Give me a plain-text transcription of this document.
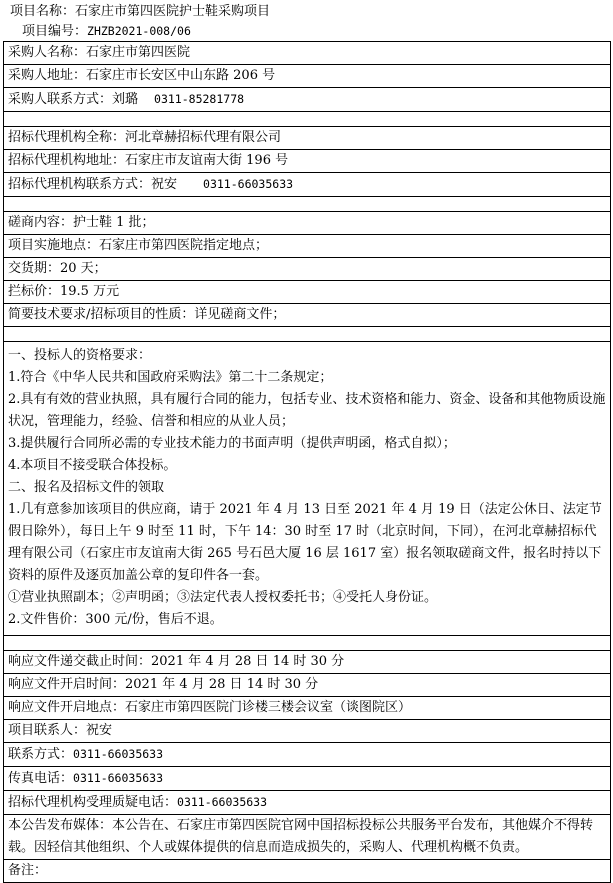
项目名称：石家庄市第四医院护士鞋采购项目
项目编号：ZHZB2021-008/06
采购人名称：石家庄市第四医院
采购人地址：石家庄市长安区中山东路 206 号
采购人联系方式：刘璐 0311-85281778

招标代理机构全称：河北章赫招标代理有限公司
招标代理机构地址：石家庄市友谊南大街 196 号
招标代理机构联系方式：祝安 0311-66035633

磋商内容：护士鞋 1 批；
项目实施地点：石家庄市第四医院指定地点；
交货期：20 天；
拦标价：19.5 万元
简要技术要求/招标项目的性质：详见磋商文件；

一、投标人的资格要求：
1.符合《中华人民共和国政府采购法》第二十二条规定；
2.具有有效的营业执照，具有履行合同的能力，包括专业、技术资格和能力、资金、设备和其他物质设施状况，管理能力，经验、信誉和相应的从业人员；
3.提供履行合同所必需的专业技术能力的书面声明（提供声明函，格式自拟）；
4.本项目不接受联合体投标。
二、报名及招标文件的领取
1.几有意参加该项目的供应商，请于 2021 年 4 月 13 日至 2021 年 4 月 19 日（法定公休日、法定节假日除外），每日上午 9 时至 11 时，下午 14：30 时至 17 时（北京时间，下同），在河北章赫招标代理有限公司（石家庄市友谊南大街 265 号石邑大厦 16 层 1617 室）报名领取磋商文件，报名时持以下资料的原件及逐页加盖公章的复印件各一套。
①营业执照副本；②声明函；③法定代表人授权委托书；④受托人身份证。
2.文件售价：300 元/份，售后不退。

响应文件递交截止时间：2021 年 4 月 28 日 14 时 30 分
响应文件开启时间：2021 年 4 月 28 日 14 时 30 分
响应文件开启地点：石家庄市第四医院门诊楼三楼会议室（谈图院区）
项目联系人：祝安
联系方式：0311-66035633
传真电话：0311-66035633
招标代理机构受理质疑电话：0311-66035633
本公告发布媒体：本公告在、石家庄市第四医院官网中国招标投标公共服务平台发布，其他媒介不得转载。因轻信其他组织、个人或媒体提供的信息而造成损失的，采购人、代理机构概不负责。
备注：
